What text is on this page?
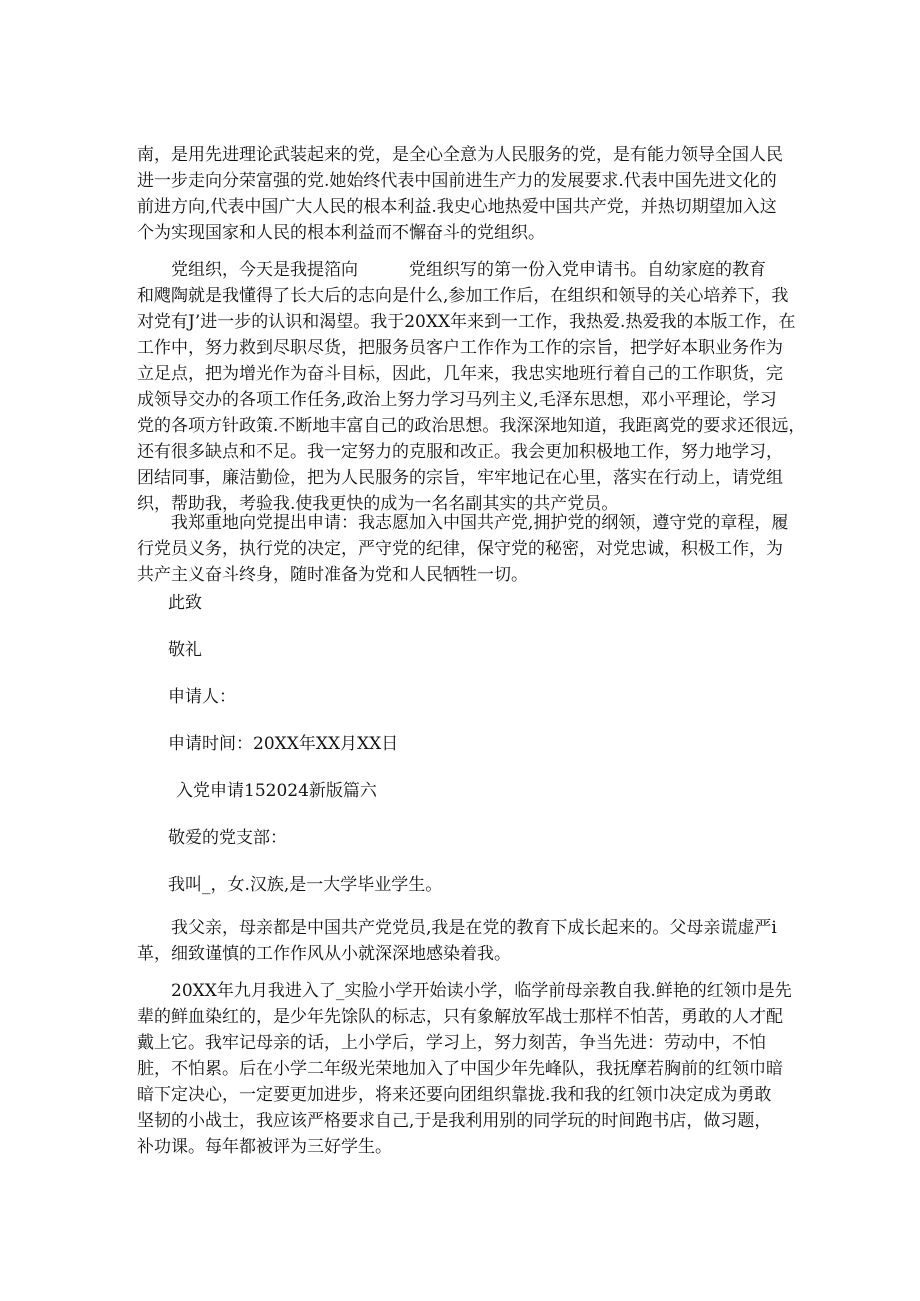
南，是用先进理论武装起来的党，是全心全意为人民服务的党，是有能力领导全国人民
进一步走向分荣富强的党.她始终代表中国前进生产力的发展要求.代表中国先进文化的
前进方向,代表中国广大人民的根本利益.我史心地热爱中国共产党，并热切期望加入这
个为实现国家和人民的根本利益而不懈奋斗的党组织。
　　党组织，今天是我提箔向　　　党组织写的第一份入党申请书。自幼家庭的教育
和飕陶就是我懂得了长大后的志向是什么,参加工作后，在组织和领导的关心培养下，我
对党有J’进一步的认识和渴望。我于20XX年来到一工作，我热爱.热爱我的本版工作，在
工作中，努力救到尽职尽货，把服务员客户工作作为工作的宗旨，把学好本职业务作为
立足点，把为增光作为奋斗目标，因此，几年来，我忠实地班行着自己的工作职货，完
成领导交办的各项工作任务,政治上努力学习马列主义,毛泽东思想，邓小平理论，学习
党的各项方针政策.不断地丰富自己的政治思想。我深深地知道，我距离党的要求还很远，
还有很多缺点和不足。我一定努力的克服和改正。我会更加积极地工作，努力地学习，
团结同事，廉洁勤俭，把为人民服务的宗旨，牢牢地记在心里，落实在行动上，请党组
织，帮助我，考验我.使我更快的成为一名名副其实的共产党员。
　　我郑重地向党提出申请：我志愿加入中国共产党,拥护党的纲领，遵守党的章程，履
行党员义务，执行党的决定，严守党的纪律，保守党的秘密，对党忠诚，积极工作，为
共产主义奋斗终身，随时准备为党和人民牺牲一切。
此致
敬礼
申请人：
申请时间：20XX年XX月XX日
入党申请152024新版篇六
敬爱的党支部：
我叫_，女.汉族,是一大学毕业学生。
　　我父亲，母亲都是中国共产党党员,我是在党的教育下成长起来的。父母亲谎虚严i
革，细致谨慎的工作作风从小就深深地感染着我。
　　20XX年九月我进入了_实脸小学开始读小学，临学前母亲教自我.鲜艳的红领巾是先
辈的鲜血染红的，是少年先馀队的标志，只有象解放军战士那样不怕苦，勇敢的人才配
戴上它。我牢记母亲的话，上小学后，学习上，努力刻苦，争当先进：劳动中，不怕
脏，不怕累。后在小学二年级光荣地加入了中国少年先峰队，我抚摩若胸前的红领巾暗
暗下定决心，一定要更加进步，将来还要向团组织靠拢.我和我的红领巾决定成为勇敢
坚韧的小战士，我应该严格要求自己,于是我利用别的同学玩的时间跑书店，做习题，
补功课。每年都被评为三好学生。
